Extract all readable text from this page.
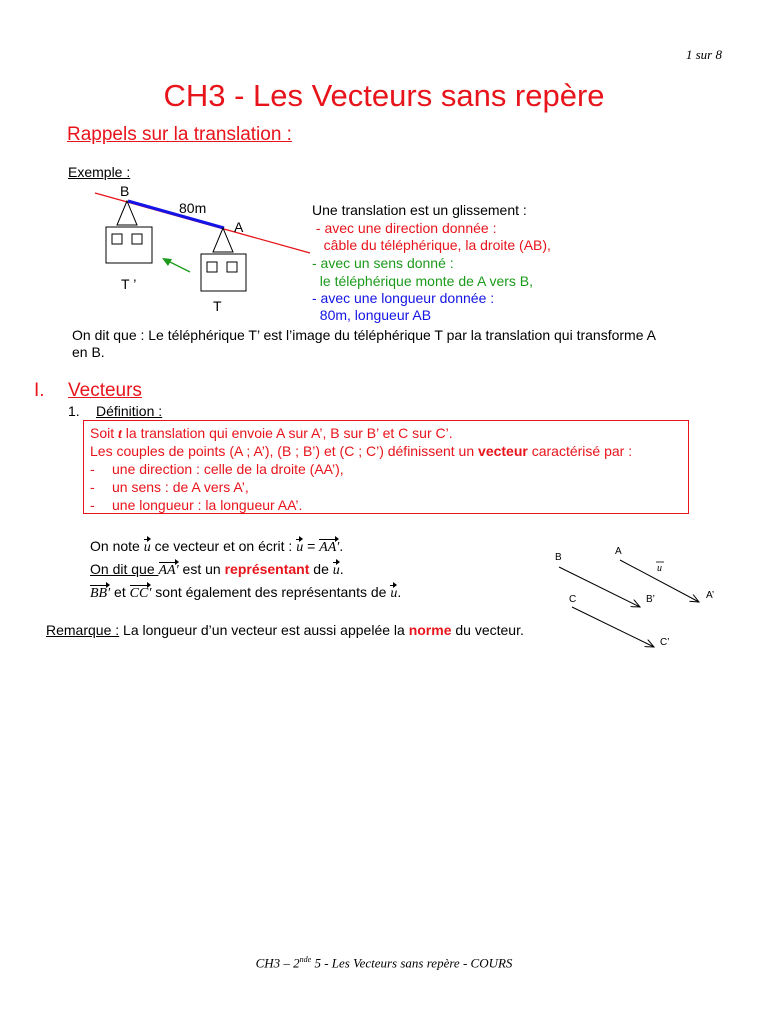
1 sur 8
CH3 - Les Vecteurs sans repère
Rappels sur la translation :
Exemple :
B
80m
A
T ’
T
Une translation est un glissement :
- avec une direction donnée :
câble du téléphérique, la droite (AB),
- avec un sens donné :
le téléphérique monte de A vers B,
- avec une longueur donnée :
80m, longueur AB
On dit que : Le téléphérique T’ est l’image du téléphérique T par la translation qui transforme A
en B.
I. Vecteurs
1. Définition :
Soit t la translation qui envoie A sur A’, B sur B’ et C sur C’.
Les couples de points (A ; A’), (B ; B’) et (C ; C’) définissent un vecteur caractérisé par :
- une direction : celle de la droite (AA’),
- un sens : de A vers A’,
- une longueur : la longueur AA’.
On note u ce vecteur et on écrit : u = AA′.
On dit que AA′ est un représentant de u.
BB′ et CC′ sont également des représentants de u.
Remarque : La longueur d’un vecteur est aussi appelée la norme du vecteur.
B
A
u
C	B’	A’
C’
CH3 – 2nde 5 - Les Vecteurs sans repère - COURS
